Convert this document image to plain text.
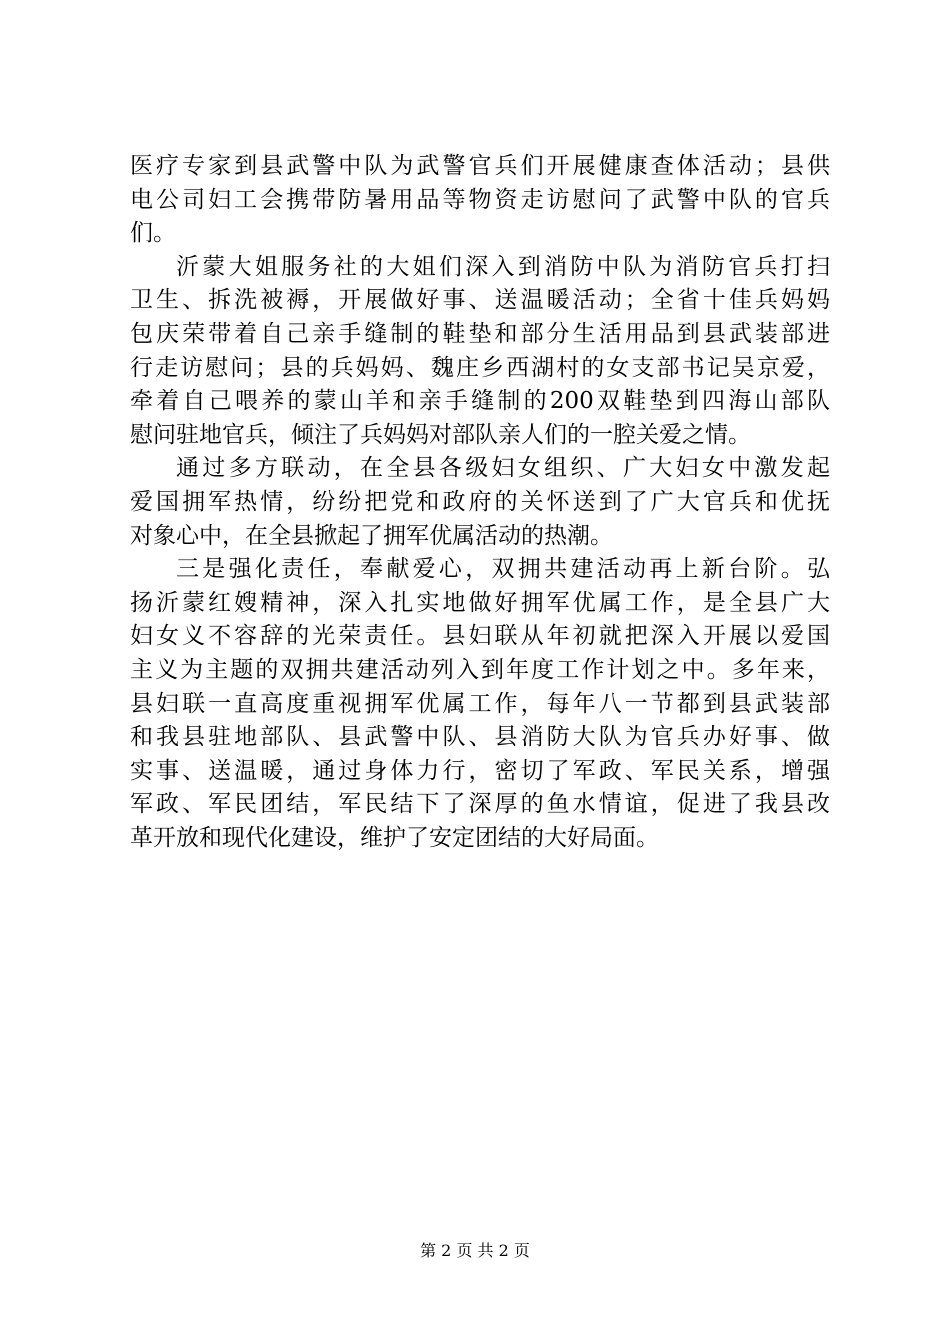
医疗专家到县武警中队为武警官兵们开展健康查体活动；县供
电公司妇工会携带防暑用品等物资走访慰问了武警中队的官兵
们。
沂蒙大姐服务社的大姐们深入到消防中队为消防官兵打扫
卫生、拆洗被褥，开展做好事、送温暖活动；全省十佳兵妈妈
包庆荣带着自己亲手缝制的鞋垫和部分生活用品到县武装部进
行走访慰问；县的兵妈妈、魏庄乡西湖村的女支部书记吴京爱，
牵着自己喂养的蒙山羊和亲手缝制的200双鞋垫到四海山部队
慰问驻地官兵，倾注了兵妈妈对部队亲人们的一腔关爱之情。
通过多方联动，在全县各级妇女组织、广大妇女中激发起
爱国拥军热情，纷纷把党和政府的关怀送到了广大官兵和优抚
对象心中，在全县掀起了拥军优属活动的热潮。
三是强化责任，奉献爱心，双拥共建活动再上新台阶。弘
扬沂蒙红嫂精神，深入扎实地做好拥军优属工作，是全县广大
妇女义不容辞的光荣责任。县妇联从年初就把深入开展以爱国
主义为主题的双拥共建活动列入到年度工作计划之中。多年来，
县妇联一直高度重视拥军优属工作，每年八一节都到县武装部
和我县驻地部队、县武警中队、县消防大队为官兵办好事、做
实事、送温暖，通过身体力行，密切了军政、军民关系，增强
军政、军民团结，军民结下了深厚的鱼水情谊，促进了我县改
革开放和现代化建设，维护了安定团结的大好局面。
第 2 页 共 2 页
